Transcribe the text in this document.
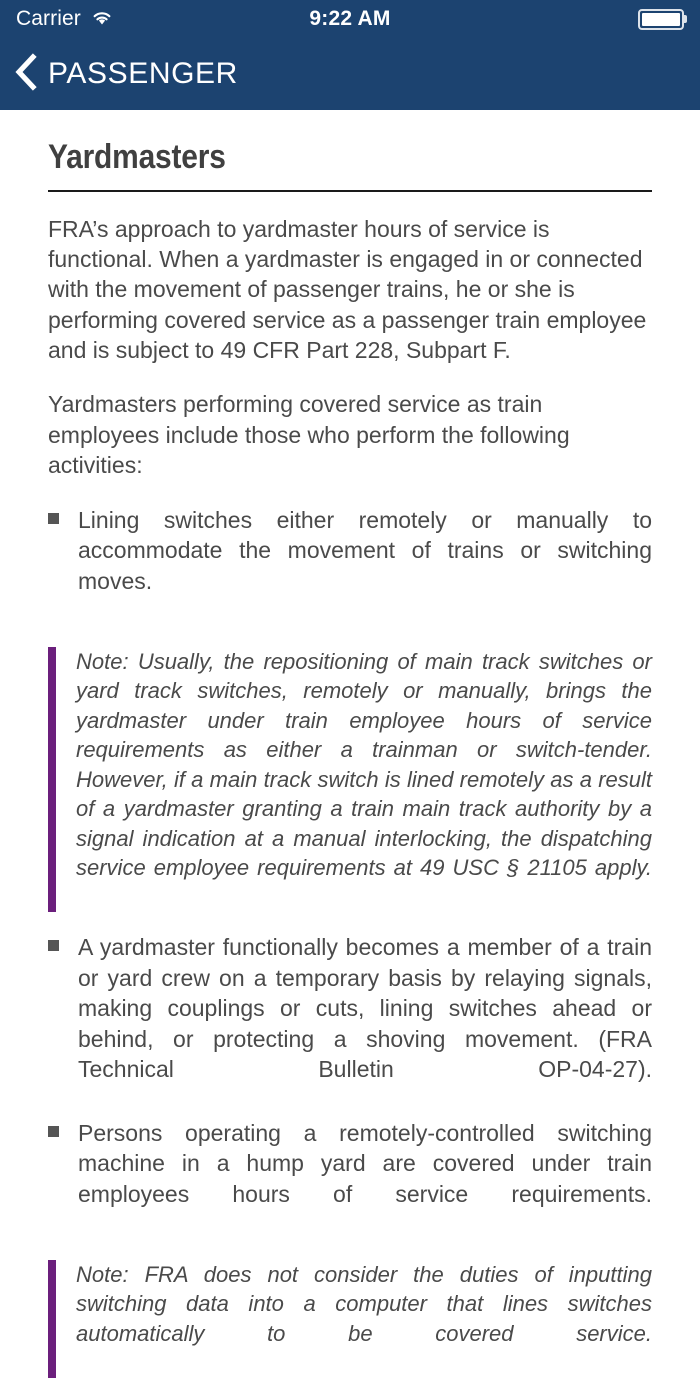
Carrier	9:22 AM
PASSENGER
Yardmasters

FRA’s approach to yardmaster hours of service is functional. When a yardmaster is engaged in or connected with the movement of passenger trains, he or she is performing covered service as a passenger train employee and is subject to 49 CFR Part 228, Subpart F.

Yardmasters performing covered service as train employees include those who perform the following activities:

Lining switches either remotely or manually to accommodate the movement of trains or switching moves.
Note: Usually, the repositioning of main track switches or yard track switches, remotely or manually, brings the yardmaster under train employee hours of service requirements as either a trainman or switch-tender. However, if a main track switch is lined remotely as a result of a yardmaster granting a train main track authority by a signal indication at a manual interlocking, the dispatching service employee requirements at 49 USC § 21105 apply.
A yardmaster functionally becomes a member of a train or yard crew on a temporary basis by relaying signals, making couplings or cuts, lining switches ahead or behind, or protecting a shoving movement. (FRA Technical Bulletin OP-04-27).
Persons operating a remotely-controlled switching machine in a hump yard are covered under train employees hours of service requirements.
Note: FRA does not consider the duties of inputting switching data into a computer that lines switches automatically to be covered service.
